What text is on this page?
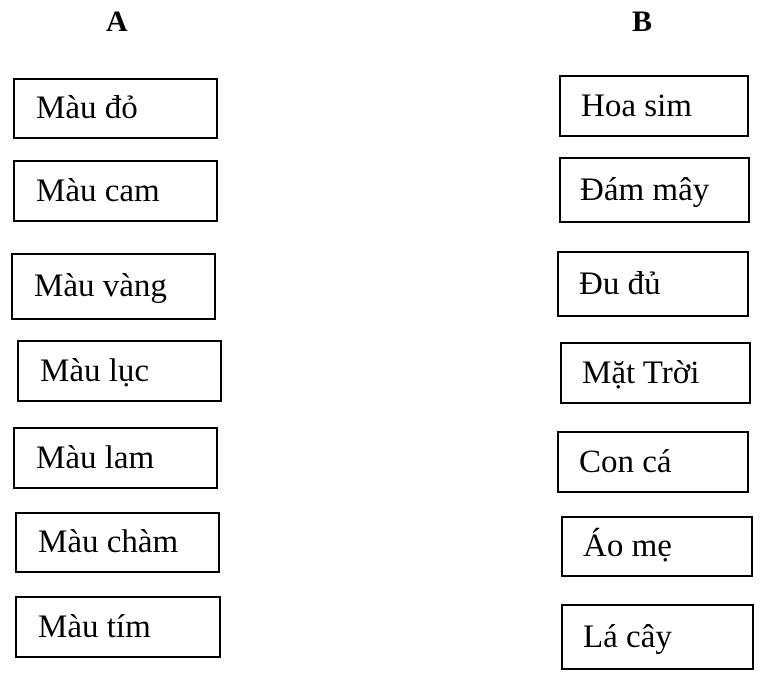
A	B
Màu đỏ
Màu cam
Màu vàng
Màu lục
Màu lam
Màu chàm
Màu tím
Hoa sim
Đám mây
Đu đủ
Mặt Trời
Con cá
Áo mẹ
Lá cây
